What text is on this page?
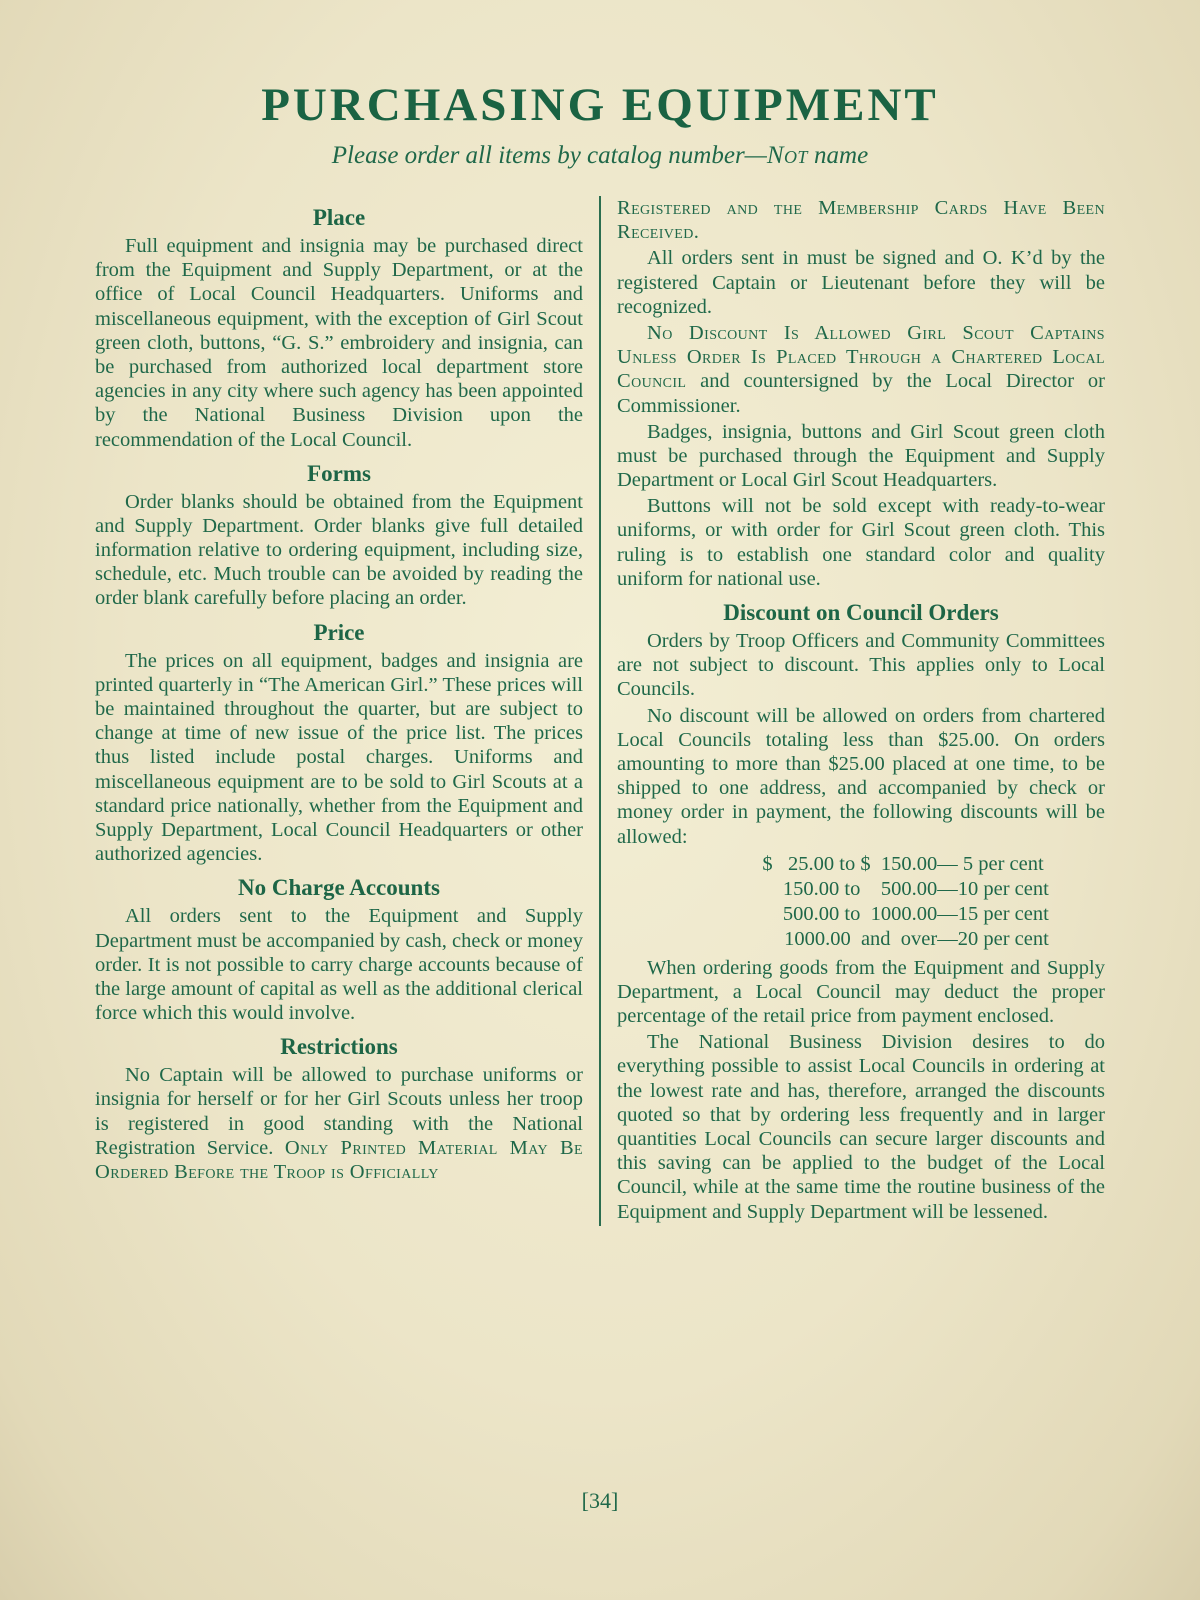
PURCHASING EQUIPMENT

Please order all items by catalog number—Not name

Place

Full equipment and insignia may be purchased direct from the Equipment and Supply Department, or at the office of Local Council Headquarters. Uniforms and miscellaneous equipment, with the exception of Girl Scout green cloth, buttons, “G. S.” embroidery and insignia, can be purchased from authorized local department store agencies in any city where such agency has been appointed by the National Business Division upon the recommendation of the Local Council.

Forms

Order blanks should be obtained from the Equipment and Supply Department. Order blanks give full detailed information relative to ordering equipment, including size, schedule, etc. Much trouble can be avoided by reading the order blank carefully before placing an order.

Price

The prices on all equipment, badges and insignia are printed quarterly in “The American Girl.” These prices will be maintained throughout the quarter, but are subject to change at time of new issue of the price list. The prices thus listed include postal charges. Uniforms and miscellaneous equipment are to be sold to Girl Scouts at a standard price nationally, whether from the Equipment and Supply Department, Local Council Headquarters or other authorized agencies.

No Charge Accounts

All orders sent to the Equipment and Supply Department must be accompanied by cash, check or money order. It is not possible to carry charge accounts because of the large amount of capital as well as the additional clerical force which this would involve.

Restrictions

No Captain will be allowed to purchase uniforms or insignia for herself or for her Girl Scouts unless her troop is registered in good standing with the National Registration Service. Only Printed Material May Be Ordered Before the Troop is Officially

Registered and the Membership Cards Have Been Received.

All orders sent in must be signed and O. K’d by the registered Captain or Lieutenant before they will be recognized.

No Discount Is Allowed Girl Scout Captains Unless Order Is Placed Through a Chartered Local Council and countersigned by the Local Director or Commissioner.

Badges, insignia, buttons and Girl Scout green cloth must be purchased through the Equipment and Supply Department or Local Girl Scout Headquarters.

Buttons will not be sold except with ready-to-wear uniforms, or with order for Girl Scout green cloth. This ruling is to establish one standard color and quality uniform for national use.

Discount on Council Orders

Orders by Troop Officers and Community Committees are not subject to discount. This applies only to Local Councils.

No discount will be allowed on orders from chartered Local Councils totaling less than $25.00. On orders amounting to more than $25.00 placed at one time, to be shipped to one address, and accompanied by check or money order in payment, the following discounts will be allowed:

$   25.00 to $  150.00— 5 per cent
150.00 to    500.00— 10 per cent
500.00 to  1000.00— 15 per cent
1000.00  and  over— 20 per cent

When ordering goods from the Equipment and Supply Department, a Local Council may deduct the proper percentage of the retail price from payment enclosed.

The National Business Division desires to do everything possible to assist Local Councils in ordering at the lowest rate and has, therefore, arranged the discounts quoted so that by ordering less frequently and in larger quantities Local Councils can secure larger discounts and this saving can be applied to the budget of the Local Council, while at the same time the routine business of the Equipment and Supply Department will be lessened.

[34]
